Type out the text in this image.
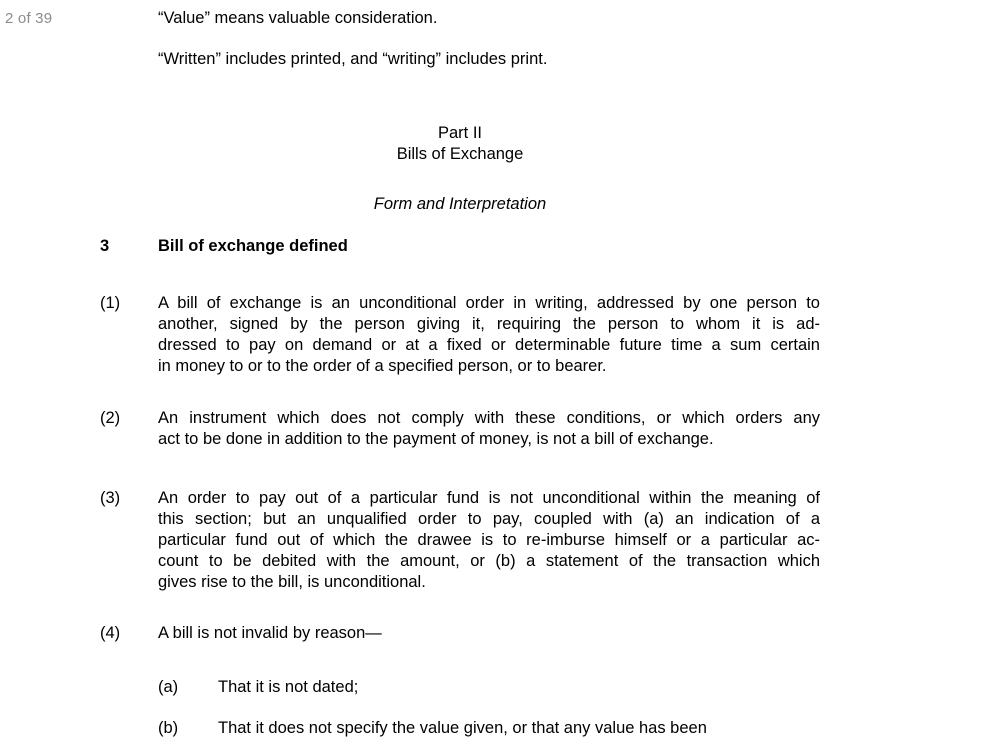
2 of 39	“Value” means valuable consideration.
“Written” includes printed, and “writing” includes print.
Part II
Bills of Exchange
Form and Interpretation
3	Bill of exchange defined
(1)	A bill of exchange is an unconditional order in writing, addressed by one person to
another, signed by the person giving it, requiring the person to whom it is ad-
dressed to pay on demand or at a fixed or determinable future time a sum certain
in money to or to the order of a specified person, or to bearer.
(2)	An instrument which does not comply with these conditions, or which orders any
act to be done in addition to the payment of money, is not a bill of exchange.
(3)	An order to pay out of a particular fund is not unconditional within the meaning of
this section; but an unqualified order to pay, coupled with (a) an indication of a
particular fund out of which the drawee is to re-imburse himself or a particular ac-
count to be debited with the amount, or (b) a statement of the transaction which
gives rise to the bill, is unconditional.
(4)	A bill is not invalid by reason—
(a)	That it is not dated;
(b)	That it does not specify the value given, or that any value has been
